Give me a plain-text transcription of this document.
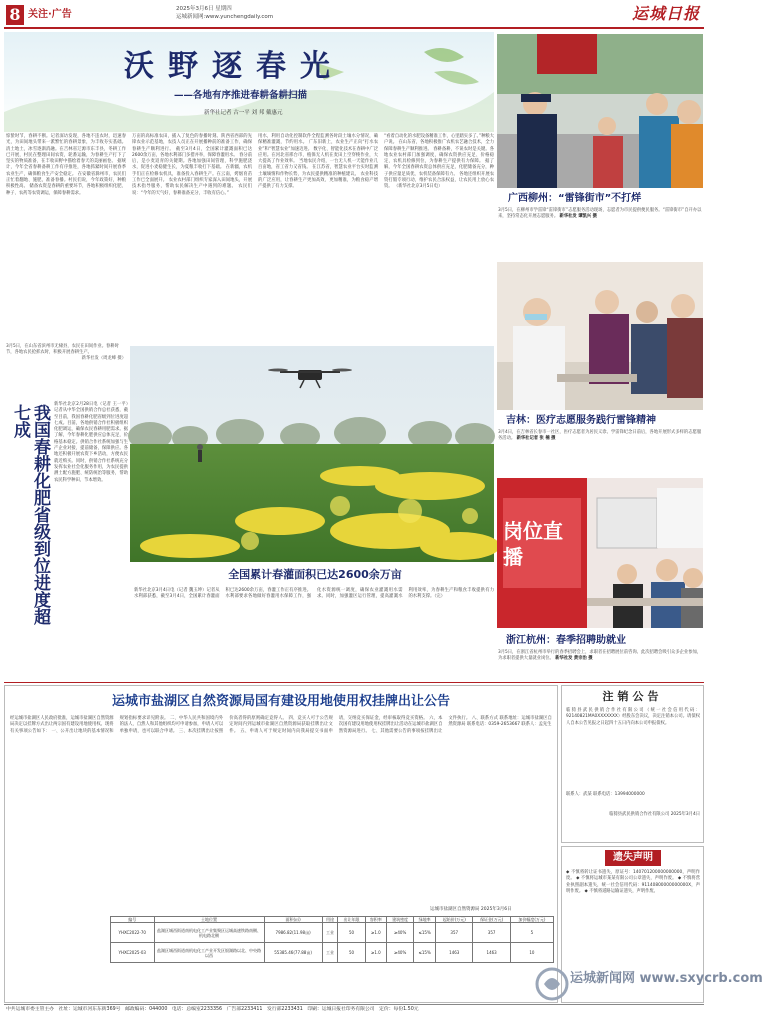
8 关注·广告	2025年3月6日 星期四
运城新闻网:www.yunchengdaily.com	运城日报
沃野逐春光
——各地有序推进春耕备耕扫描
新华社记者 古一平 刘 邦 戴惠元
惊蛰时节，春耕不断。记者深访发现，各地不违农时，迅速春光，为田间地头带来一派繁忙的春耕景象，为丰收夯实基础。 清土地土，冰雪逐渐消融。在吉林省辽源市东丰县，冬耕工作已开展，村民在整理田间农资，轮番运输，为春耕生产打下了坚实的物质准备，在丰收田野中描绘着春天的美丽画卷。 据统计，今年全省春耕备耕工作有序推进，各地抓紧时间开展春季农业生产，确保粮食生产安全稳定。 在安徽省滁州市，农民们正忙着翻地、施肥，准备春播。村民们说，今年政策好，种粮积极性高。 储备农资是春耕的重要环节，各地积极组织化肥、种子、农药等农资调运，保障春耕需求。
万亩的高标准农田，插入了复色的春播时刻。陕西省西部的先锋农业示范基地，农技人员正在开展播种前的准备工作，确保春耕生产顺利进行。 截至3月4日，全国累计灌溉面积已达2600余万亩，各地水利部门多措并举，保障春灌用水。 春分前后，是小麦返青的关键期。各地加强田间管理，科学施肥浇水，促进小麦稳健生长，为夏粮丰收打下基础。 在新疆，农机手们正在检修农机具，准备投入春耕生产。在云南，烤烟育苗工作已全面展开。 农业农村部门组织专家深入田间地头，开展技术指导服务，帮助农民解决生产中遇到的难题。 农民们说：“今年的天气好，春耕准备充分，丰收有信心。”
用水，利用自动化控制软件全程监测各时段土壤水分情况，确保精准灌溉，节约用水。 广东旧新上，农业生产正向“打水农业”和“智慧农业”加速迈进。 数字化、智能化技术在春耕中广泛应用。在河北省邢台市，植保无人机在麦田上空穿梭作业，大大提高了作业效率。 当地农民介绍，一台无人机一天能作业几百亩地，省工省力又省钱。 在江苏省，智慧农业平台实时监测土壤墒情和作物长势，为农民提供精准的种植建议。 农业科技的广泛应用，让春耕生产更加高效、更加精准，为粮食稳产增产提供了有力支撑。
“看着自动化的水肥设备精准工作，心里踏实多了。”种粮大户说。 在山东省，各地积极推广农机农艺融合技术，全力保障春耕生产顺利推进。 春耕备耕，不误农时是关键。各地农业农村部门加强调度，确保农资供应充足、价格稳定，农机具检修到位，为春耕生产提供有力保障。 据了解，今年全国春耕农资总体供应充足，化肥储备充分，种子供应量足质优，农机装备保障有力。 各地还组织开展农资打假专项行动，维护农民合法权益，让农民用上放心农资。 （新华社北京3月5日电）
3月5日，在山东省滨州市无棣县，农民在田间作业。春耕时节，各地农民抢抓农时，积极开展春耕生产。
新华社发（周龙峰 摄）
我国春耕化肥省级到位进度超七成	新华社北京2月28日电（记者 王一平）记者从中华全国供销合作总社获悉，截至目前，我国春耕化肥省级到位进度超七成。目前，各地供销合作社积极组织化肥调运，确保农民春耕用肥需求。据了解，今年春耕化肥供应总体充足，价格基本稳定。供销合作社系统加强与生产企业对接，提前储备，保障供应。各地还积极开展农资下乡活动，方便农民就近购买。同时，供销合作社系统充分发挥农业社会化服务作用，为农民提供测土配方施肥、统防统治等服务，帮助农民科学种田、节本增效。
全国累计春灌面积已达2600余万亩
新华社北京3月4日电（记者 魏玉坤）记者从水利部获悉，截至3月4日，全国累计春灌面积已达2600余万亩，春灌工作正有序推进。水利部要求各地做好春灌用水保障工作，强化水资源统一调度，确保农业灌溉用水需求。同时，加强灌区运行管理，提高灌溉水利用效率，为春耕生产和粮食丰收提供有力的水利支撑。（完）
广西柳州：“雷锋街市”不打烊
3月5日，在柳州市学雷锋“雷锋街市”志愿服务活动现场，志愿者为市民提供便民服务。“雷锋街市”自开办以来，坚持常态化开展志愿服务。 新华社发 谭凯兴 摄
吉林：医疗志愿服务践行雷锋精神
3月4日，在吉林省长春市一社区，医疗志愿者为居民义诊。学雷锋纪念日前后，各地开展形式多样的志愿服务活动。 新华社记者 张 楠 摄
岗位直播
浙江杭州：春季招聘助就业
3月5日，在浙江省杭州市举行的春季招聘会上，求职者在招聘展位前咨询。此次招聘会吸引众多企业参加，为求职者提供大量就业岗位。 新华社发 黄宗治 摄
运城市盐湖区自然资源局国有建设用地使用权挂牌出让公告
经运城市盐湖区人民政府批准，运城市盐湖区自然资源局决定以挂牌方式出让两宗国有建设用地使用权。现将有关事项公告如下： 一、公开出让地块的基本情况和规划指标要求详见附表。 二、中华人民共和国境内外的法人、自然人和其他组织均可申请参加，申请人可以单独申请，也可以联合申请。 三、本次挂牌出让按照价高者得的原则确定竞得人。 四、竞买人可于公告规定时间内到运城市盐湖区自然资源局获取挂牌出让文件。 五、申请人可于规定时间内向我局提交书面申请，交纳竞买保证金，经审核取得竞买资格。 六、本次国有建设用地使用权挂牌出让活动在运城市盐湖区自然资源局进行。 七、其他需要公告的事项按挂牌出让文件执行。 八、联系方式 联系地址：运城市盐湖区自然资源局 联系电话：0359-2653667 联系人：孟先生
运城市盐湖区自然资源局 2025年3月6日
编号	土地位置	面积(㎡)	用途	出让年限	容积率	建筑密度	绿地率	起始价(万元)	保证金(万元)	加价幅度(万元)
YHXC2022-70	盐湖区城西街道南机电化工产业集聚区运城高速铁路南侧、机电路北侧	7986.82(11.98亩)	工业	50	≥1.0	≥40%	≤15%	357	357	5
YHXC2025-03	盐湖区城西街道南机电化工产业开发区银湖路以北、中央路以西	55385.46(77.88亩)	工业	50	≥1.0	≥40%	≤15%	1463	1463	10
注销公告
临猗县武民供销合作社有限公司（统一社会信用代码：92140821MA0XXXXXXX）经股东会决议，决定注销本公司。请债权人自本公告见报之日起四十五日内向本公司申报债权。
联系人：武某 联系电话：13994000000
临猗县武民供销合作社有限公司 2025年3月4日
遗失声明
◆ 不慎将转让证书遗失，原证号：140701200000000000，声明作废。 ◆ 不慎将运城市某某有限公司公章遗失，声明作废。 ◆ 不慎将营业执照副本遗失，统一社会信用代码：91140800000000000X，声明作废。 ◆ 不慎将道路运输证遗失，声明作废。
运城新闻网 www.sxycrb.com
中共运城市委主管主办 社址：运城市河东东街369号 邮政编码：044000 电话：总编室2233356 广告部2233411 发行部2233431 印刷：运城日报社印务有限公司 定价：每份1.50元
